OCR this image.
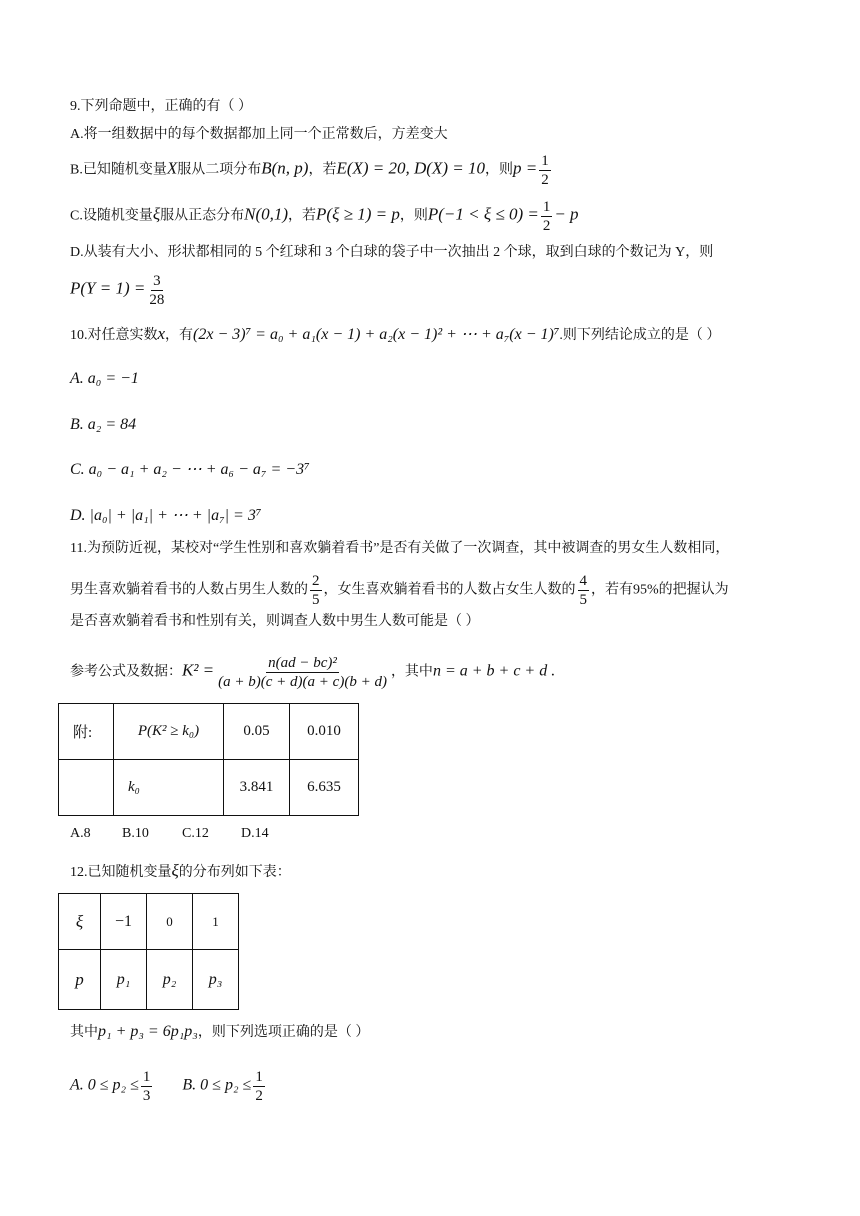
9.下列命题中，正确的有（ ）
A.将一组数据中的每个数据都加上同一个正常数后，方差变大
B.已知随机变量X服从二项分布B(n, p)，若E(X) = 20, D(X) = 10，则$p = \frac{1}{2}$
C.设随机变量ξ服从正态分布N(0,1)，若P(ξ ≥ 1) = p，则$P(-1 < \xi \le 0) = \frac{1}{2} - p$
D.从装有大小、形状都相同的 5 个红球和 3 个白球的袋子中一次抽出 2 个球，取到白球的个数记为 Y，则
$P(Y = 1) = \frac{3}{28}$
10.对任意实数x，有(2x − 3)⁷ = a₀ + a₁(x − 1) + a₂(x − 1)² + ⋯ + a₇(x − 1)⁷.则下列结论成立的是（ ）
A. a₀ = −1
B. a₂ = 84
C. a₀ − a₁ + a₂ − ⋯ + a₆ − a₇ = −3⁷
D. |a₀| + |a₁| + ⋯ + |a₇| = 3⁷
11.为预防近视，某校对“学生性别和喜欢躺着看书”是否有关做了一次调查，其中被调查的男女生人数相同，
男生喜欢躺着看书的人数占男生人数的 $\frac{2}{5}$ ，女生喜欢躺着看书的人数占女生人数的 $\frac{4}{5}$ ，若有95%的把握认为
是否喜欢躺着看书和性别有关，则调查人数中男生人数可能是（ ）
参考公式及数据：$K^2 = \frac{\text{n(ad − bc)²}}{(a + b)(c + d)(a + c)(b + d)}$ ，其中n = a + b + c + d .
附:	P(K² ≥ k₀)	0.05	0.010
	k₀	3.841	6.635
A.8 B.10 C.12 D.14
12.已知随机变量ξ的分布列如下表：
ξ	−1	0	1
p	p₁	p₂	p₃
其中p₁ + p₃ = 6p₁p₃，则下列选项正确的是（ ）
A. $0 \le p_2 \le \frac{1}{3} B$. $0 \le p_2 \le \frac{1}{2}$
